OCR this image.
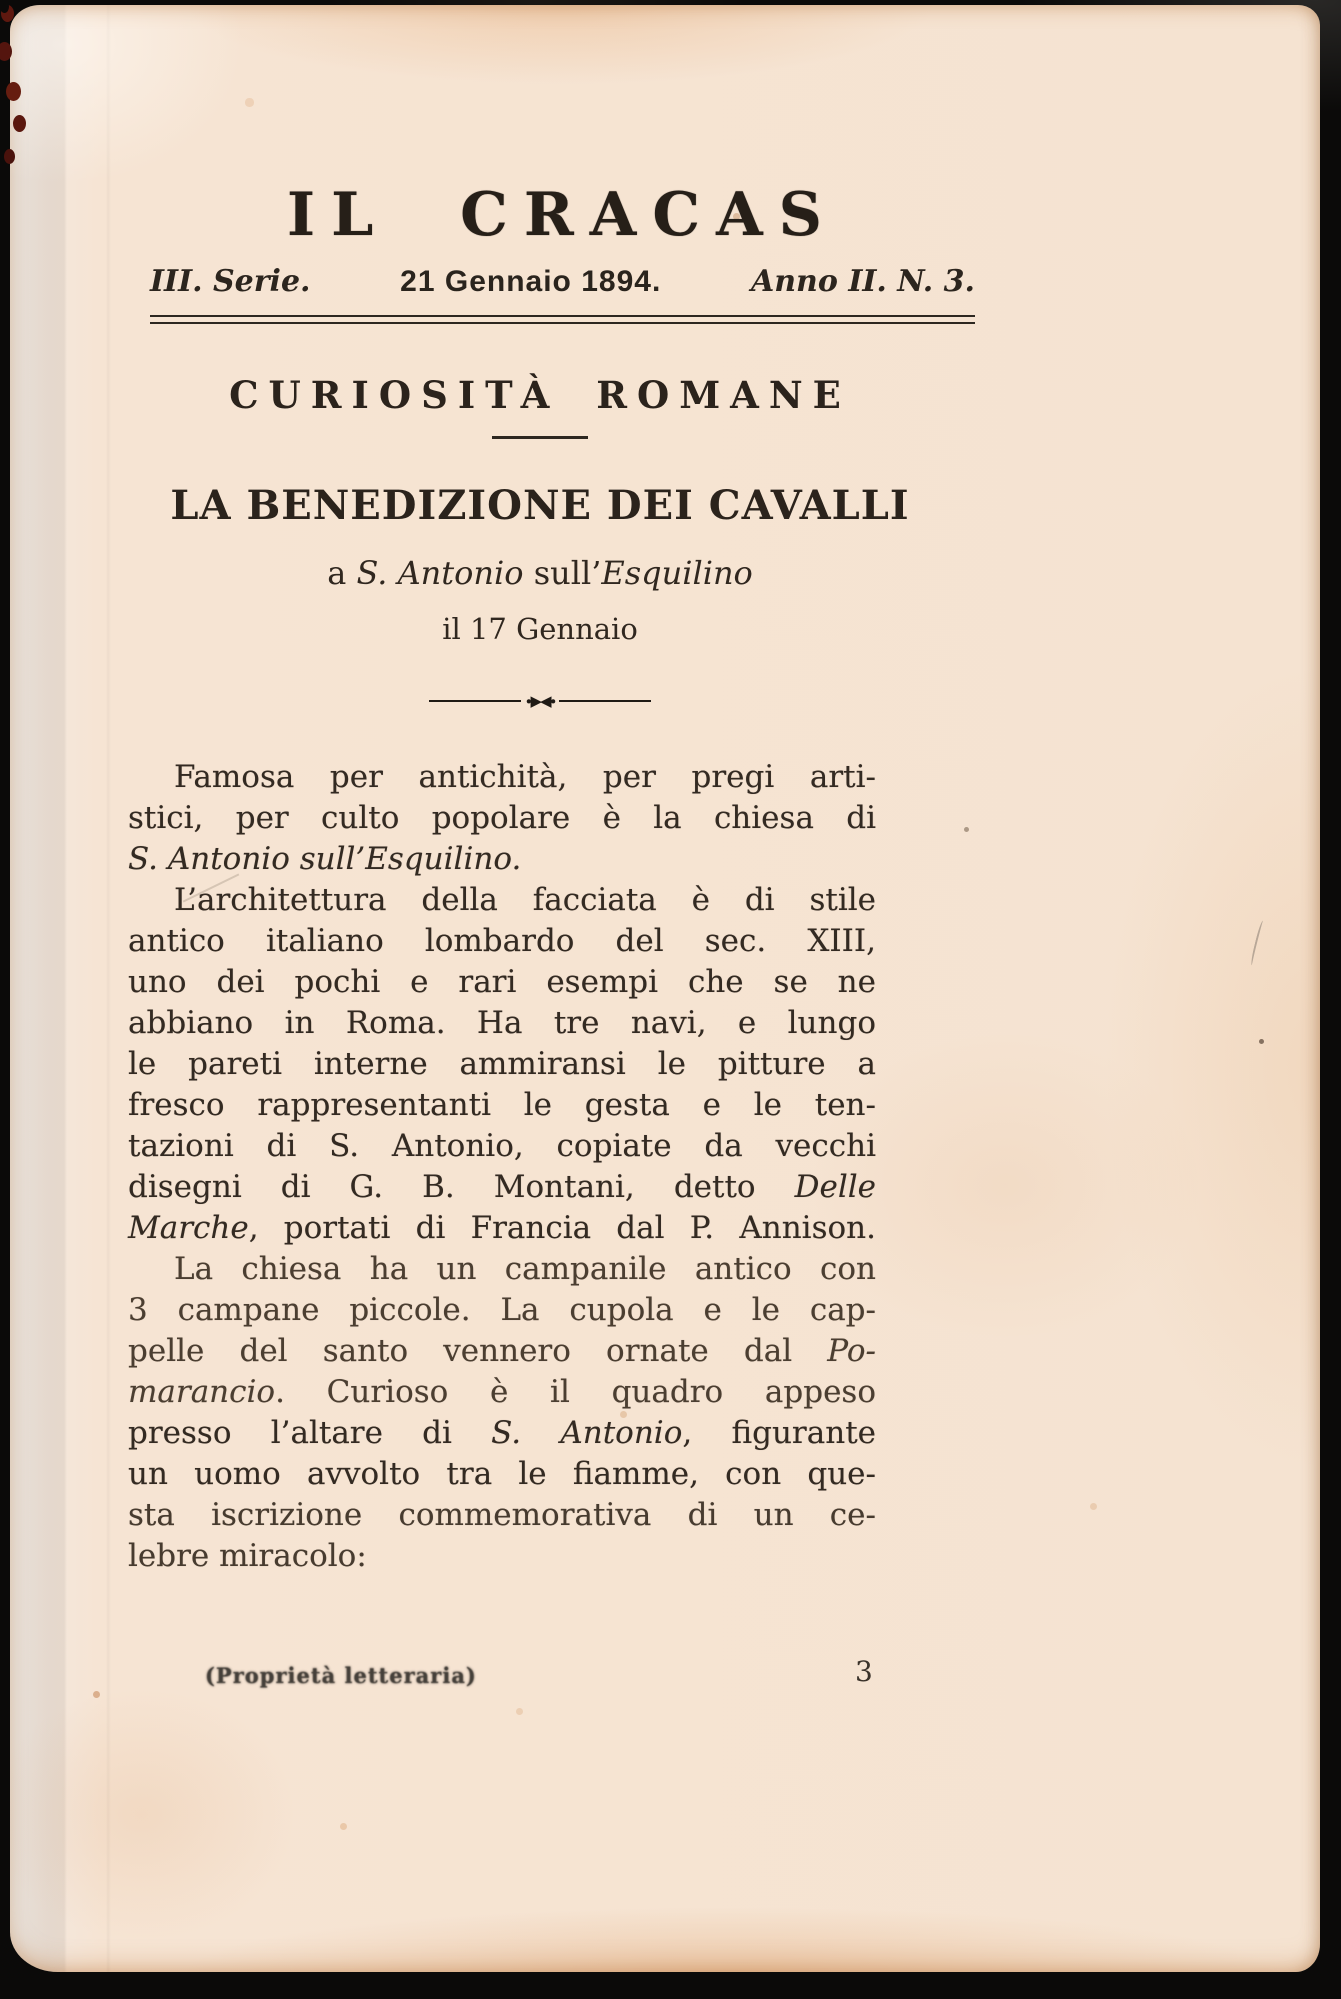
IL CRACAS
III. Serie.	21 Gennaio 1894.	Anno II. N. 3.
CURIOSITÀ ROMANE
LA BENEDIZIONE DEI CAVALLI

a S. Antonio sull’Esquilino

il 17 Gennaio

∙▶◀∙
Famosa per antichità, per pregi arti-
stici, per culto popolare è la chiesa di
S. Antonio sull’Esquilino.
L’architettura della facciata è di stile
antico italiano lombardo del sec. XIII,
uno dei pochi e rari esempi che se ne
abbiano in Roma. Ha tre navi, e lungo
le pareti interne ammiransi le pitture a
fresco rappresentanti le gesta e le ten-
tazioni di S. Antonio, copiate da vecchi
disegni di G. B. Montani, detto Delle
Marche, portati di Francia dal P. Annison.
La chiesa ha un campanile antico con
3 campane piccole. La cupola e le cap-
pelle del santo vennero ornate dal Po-
marancio. Curioso è il quadro appeso
presso l’altare di S. Antonio, figurante
un uomo avvolto tra le fiamme, con que-
sta iscrizione commemorativa di un ce-
lebre miracolo:
(Proprietà letteraria)	3
